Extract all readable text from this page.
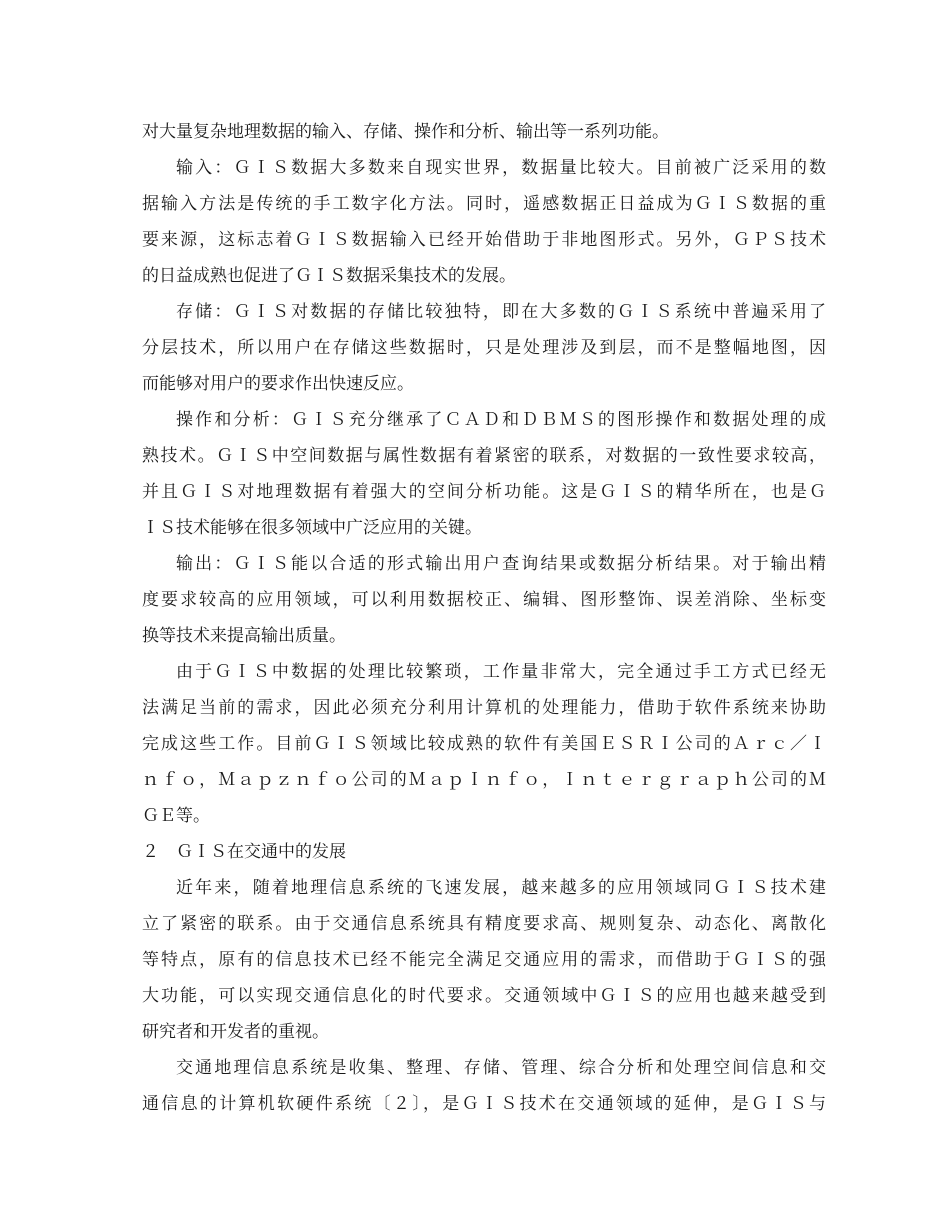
对大量复杂地理数据的输入、存储、操作和分析、输出等一系列功能。
输入：ＧＩＳ数据大多数来自现实世界，数据量比较大。目前被广泛采用的数
据输入方法是传统的手工数字化方法。同时，遥感数据正日益成为ＧＩＳ数据的重
要来源，这标志着ＧＩＳ数据输入已经开始借助于非地图形式。另外，ＧＰＳ技术
的日益成熟也促进了ＧＩＳ数据采集技术的发展。
存储：ＧＩＳ对数据的存储比较独特，即在大多数的ＧＩＳ系统中普遍采用了
分层技术，所以用户在存储这些数据时，只是处理涉及到层，而不是整幅地图，因
而能够对用户的要求作出快速反应。
操作和分析：ＧＩＳ充分继承了ＣＡＤ和ＤＢＭＳ的图形操作和数据处理的成
熟技术。ＧＩＳ中空间数据与属性数据有着紧密的联系，对数据的一致性要求较高，
并且ＧＩＳ对地理数据有着强大的空间分析功能。这是ＧＩＳ的精华所在，也是Ｇ
ＩＳ技术能够在很多领域中广泛应用的关键。
输出：ＧＩＳ能以合适的形式输出用户查询结果或数据分析结果。对于输出精
度要求较高的应用领域，可以利用数据校正、编辑、图形整饰、误差消除、坐标变
换等技术来提高输出质量。
由于ＧＩＳ中数据的处理比较繁琐，工作量非常大，完全通过手工方式已经无
法满足当前的需求，因此必须充分利用计算机的处理能力，借助于软件系统来协助
完成这些工作。目前ＧＩＳ领域比较成熟的软件有美国ＥＳＲＩ公司的Ａｒｃ／Ｉ
ｎｆｏ，Ｍａｐｚｎｆｏ公司的ＭａｐＩｎｆｏ，Ｉｎｔｅｒｇｒａｐｈ公司的Ｍ
ＧＥ等。
２　ＧＩＳ在交通中的发展
近年来，随着地理信息系统的飞速发展，越来越多的应用领域同ＧＩＳ技术建
立了紧密的联系。由于交通信息系统具有精度要求高、规则复杂、动态化、离散化
等特点，原有的信息技术已经不能完全满足交通应用的需求，而借助于ＧＩＳ的强
大功能，可以实现交通信息化的时代要求。交通领域中ＧＩＳ的应用也越来越受到
研究者和开发者的重视。
交通地理信息系统是收集、整理、存储、管理、综合分析和处理空间信息和交
通信息的计算机软硬件系统〔２〕，是ＧＩＳ技术在交通领域的延伸，是ＧＩＳ与
